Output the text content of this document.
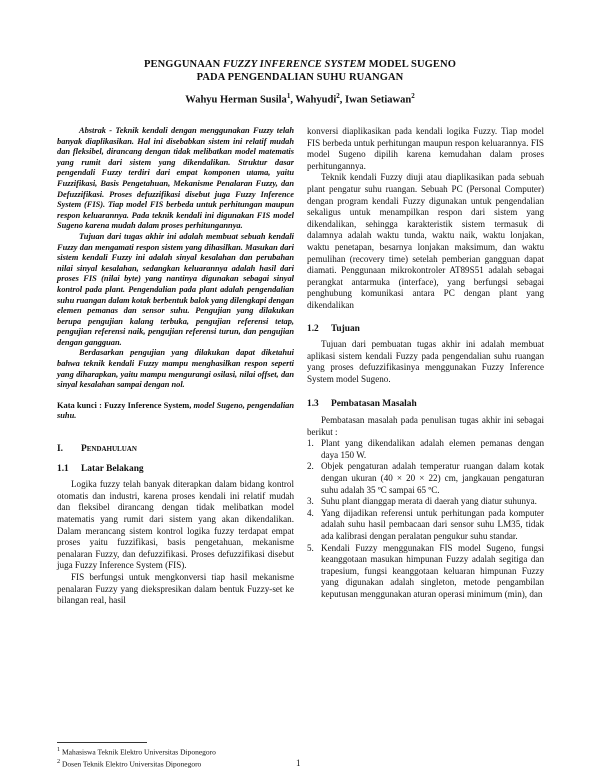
PENGGUNAAN FUZZY INFERENCE SYSTEM MODEL SUGENO
PADA PENGENDALIAN SUHU RUANGAN
Wahyu Herman Susila$^1$, Wahyudi$^2$, Iwan Setiawan$^2$

Abstrak - Teknik kendali dengan menggunakan Fuzzy telah banyak diaplikasikan. Hal ini disebabkan sistem ini relatif mudah dan fleksibel, dirancang dengan tidak melibatkan model matematis yang rumit dari sistem yang dikendalikan. Struktur dasar pengendali Fuzzy terdiri dari empat komponen utama, yaitu Fuzzifikasi, Basis Pengetahuan, Mekanisme Penalaran Fuzzy, dan Defuzzifikasi. Proses defuzzifikasi disebut juga Fuzzy Inference System (FIS). Tiap model FIS berbeda untuk perhitungan maupun respon keluarannya. Pada teknik kendali ini digunakan FIS model Sugeno karena mudah dalam proses perhitungannya.

Tujuan dari tugas akhir ini adalah membuat sebuah kendali Fuzzy dan mengamati respon sistem yang dihasilkan. Masukan dari sistem kendali Fuzzy ini adalah sinyal kesalahan dan perubahan nilai sinyal kesalahan, sedangkan keluarannya adalah hasil dari proses FIS (nilai byte) yang nantinya digunakan sebagai sinyal kontrol pada plant. Pengendalian pada plant adalah pengendalian suhu ruangan dalam kotak berbentuk balok yang dilengkapi dengan elemen pemanas dan sensor suhu. Pengujian yang dilakukan berupa pengujian kalang terbuka, pengujian referensi tetap, pengujian referensi naik, pengujian referensi turun, dan pengujian dengan gangguan.

Berdasarkan pengujian yang dilakukan dapat diketahui bahwa teknik kendali Fuzzy mampu menghasilkan respon seperti yang diharapkan, yaitu mampu mengurangi osilasi, nilai offset, dan sinyal kesalahan sampai dengan nol.

Kata kunci : Fuzzy Inference System, model Sugeno, pengendalian suhu.
I. Pendahuluan
1.1 Latar Belakang

Logika fuzzy telah banyak diterapkan dalam bidang kontrol otomatis dan industri, karena proses kendali ini relatif mudah dan fleksibel dirancang dengan tidak melibatkan model matematis yang rumit dari sistem yang akan dikendalikan. Dalam merancang sistem kontrol logika fuzzy terdapat empat proses yaitu fuzzifikasi, basis pengetahuan, mekanisme penalaran Fuzzy, dan defuzzifikasi. Proses defuzzifikasi disebut juga Fuzzy Inference System (FIS).

FIS berfungsi untuk mengkonversi tiap hasil mekanisme penalaran Fuzzy yang diekspresikan dalam bentuk Fuzzy-set ke bilangan real, hasil

konversi diaplikasikan pada kendali logika Fuzzy. Tiap model FIS berbeda untuk perhitungan maupun respon keluarannya. FIS model Sugeno dipilih karena kemudahan dalam proses perhitungannya.

Teknik kendali Fuzzy diuji atau diaplikasikan pada sebuah plant pengatur suhu ruangan. Sebuah PC (Personal Computer) dengan program kendali Fuzzy digunakan untuk pengendalian sekaligus untuk menampilkan respon dari sistem yang dikendalikan, sehingga karakteristik sistem termasuk di dalamnya adalah waktu tunda, waktu naik, waktu lonjakan, waktu penetapan, besarnya lonjakan maksimum, dan waktu pemulihan (recovery time) setelah pemberian gangguan dapat diamati. Penggunaan mikrokontroler AT89S51 adalah sebagai perangkat antarmuka (interface), yang berfungsi sebagai penghubung komunikasi antara PC dengan plant yang dikendalikan

1.2 Tujuan

Tujuan dari pembuatan tugas akhir ini adalah membuat aplikasi sistem kendali Fuzzy pada pengendalian suhu ruangan yang proses defuzzifikasinya menggunakan Fuzzy Inference System model Sugeno.

1.3 Pembatasan Masalah

Pembatasan masalah pada penulisan tugas akhir ini sebagai berikut :

1. Plant yang dikendalikan adalah elemen pemanas dengan daya 150 W.
2. Objek pengaturan adalah temperatur ruangan dalam kotak dengan ukuran (40 × 20 × 22) cm, jangkauan pengaturan suhu adalah 35 ºC sampai 65 ºC.
3. Suhu plant dianggap merata di daerah yang diatur suhunya.
4. Yang dijadikan referensi untuk perhitungan pada komputer adalah suhu hasil pembacaan dari sensor suhu LM35, tidak ada kalibrasi dengan peralatan pengukur suhu standar.
5. Kendali Fuzzy menggunakan FIS model Sugeno, fungsi keanggotaan masukan himpunan Fuzzy adalah segitiga dan trapesium, fungsi keanggotaan keluaran himpunan Fuzzy yang digunakan adalah singleton, metode pengambilan keputusan menggunakan aturan operasi minimum (min), dan
$^1$ Mahasiswa Teknik Elektro Universitas Diponegoro
$^2$ Dosen Teknik Elektro Universitas Diponegoro	1
